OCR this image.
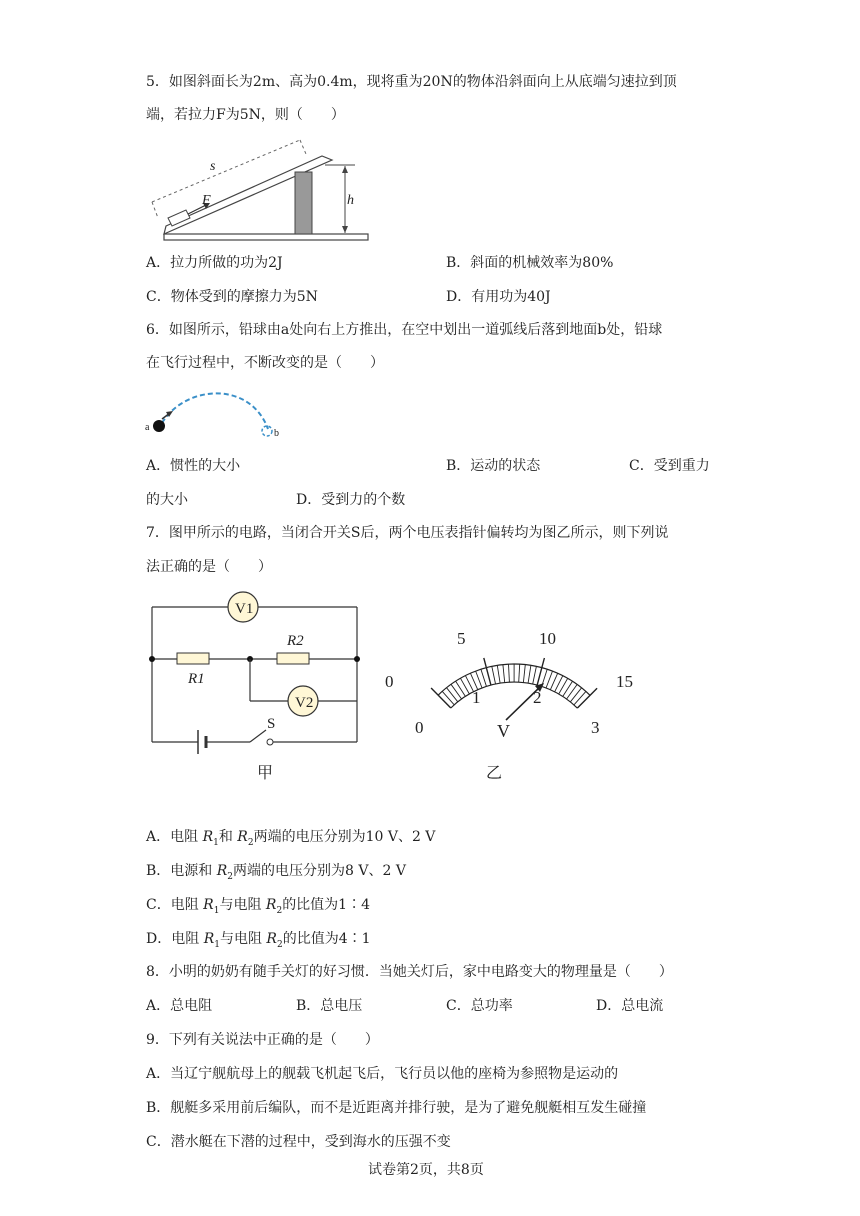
5．如图斜面长为2m、高为0.4m，现将重为20N的物体沿斜面向上从底端匀速拉到顶
端，若拉力F为5N，则（　　）
F
s
h
A．拉力所做的功为2J	B．斜面的机械效率为80%
C．物体受到的摩擦力为5N	D．有用功为40J
6．如图所示，铅球由a处向右上方推出，在空中划出一道弧线后落到地面b处，铅球
在飞行过程中，不断改变的是（　　）
a
b
A．惯性的大小	B．运动的状态	C．受到重力
的大小	D．受到力的个数
7．图甲所示的电路，当闭合开关S后，两个电压表指针偏转均为图乙所示，则下列说
法正确的是（　　）
V1
R1
R2
V2
S
甲
0
5	10
15
0
1	2
3
V
乙
A．电阻 $R_1$和 $R_2$两端的电压分别为10 V、2 V
B．电源和 $R_2$两端的电压分别为8 V、2 V
C．电阻 $R_1$与电阻 $R_2$的比值为1∶4
D．电阻 $R_1$与电阻 $R_2$的比值为4∶1
8．小明的奶奶有随手关灯的好习惯．当她关灯后，家中电路变大的物理量是（　　）
A．总电阻	B．总电压	C．总功率	D．总电流
9．下列有关说法中正确的是（　　）
A．当辽宁舰航母上的舰载飞机起飞后，飞行员以他的座椅为参照物是运动的
B．舰艇多采用前后编队，而不是近距离并排行驶，是为了避免舰艇相互发生碰撞
C．潜水艇在下潜的过程中，受到海水的压强不变
试卷第2页，共8页
